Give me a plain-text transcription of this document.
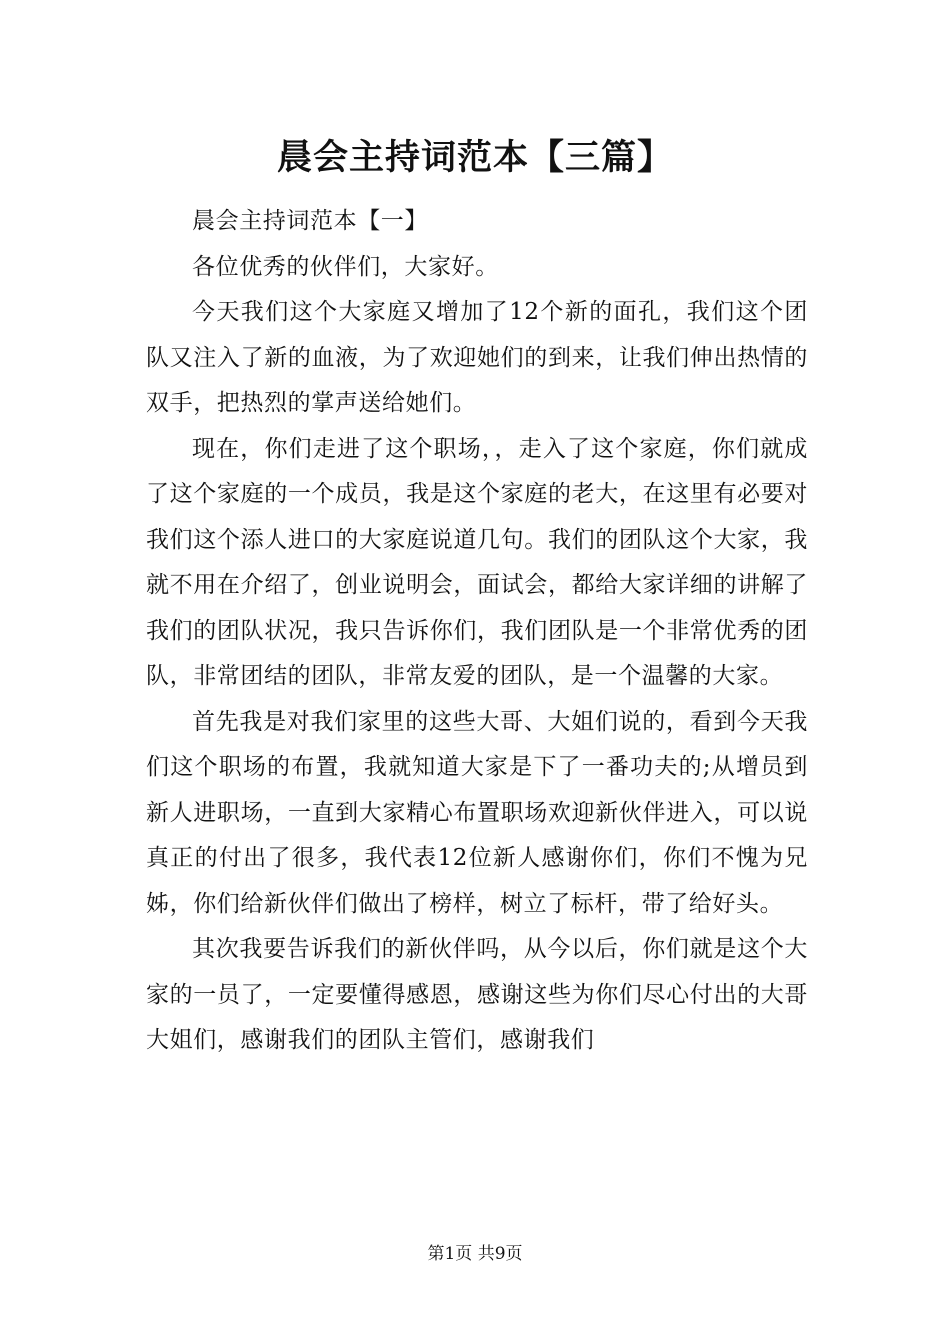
晨会主持词范本【三篇】

晨会主持词范本【一】

各位优秀的伙伴们，大家好。

今天我们这个大家庭又增加了12个新的面孔，我们这个团队又注入了新的血液，为了欢迎她们的到来，让我们伸出热情的双手，把热烈的掌声送给她们。

现在，你们走进了这个职场，，走入了这个家庭，你们就成了这个家庭的一个成员，我是这个家庭的老大，在这里有必要对我们这个添人进口的大家庭说道几句。我们的团队这个大家，我就不用在介绍了，创业说明会，面试会，都给大家详细的讲解了我们的团队状况，我只告诉你们，我们团队是一个非常优秀的团队，非常团结的团队，非常友爱的团队，是一个温馨的大家。

首先我是对我们家里的这些大哥、大姐们说的，看到今天我们这个职场的布置，我就知道大家是下了一番功夫的;从增员到新人进职场，一直到大家精心布置职场欢迎新伙伴进入，可以说真正的付出了很多，我代表12位新人感谢你们，你们不愧为兄姊，你们给新伙伴们做出了榜样，树立了标杆，带了给好头。

其次我要告诉我们的新伙伴吗，从今以后，你们就是这个大家的一员了，一定要懂得感恩，感谢这些为你们尽心付出的大哥大姐们，感谢我们的团队主管们，感谢我们

第1页 共9页
